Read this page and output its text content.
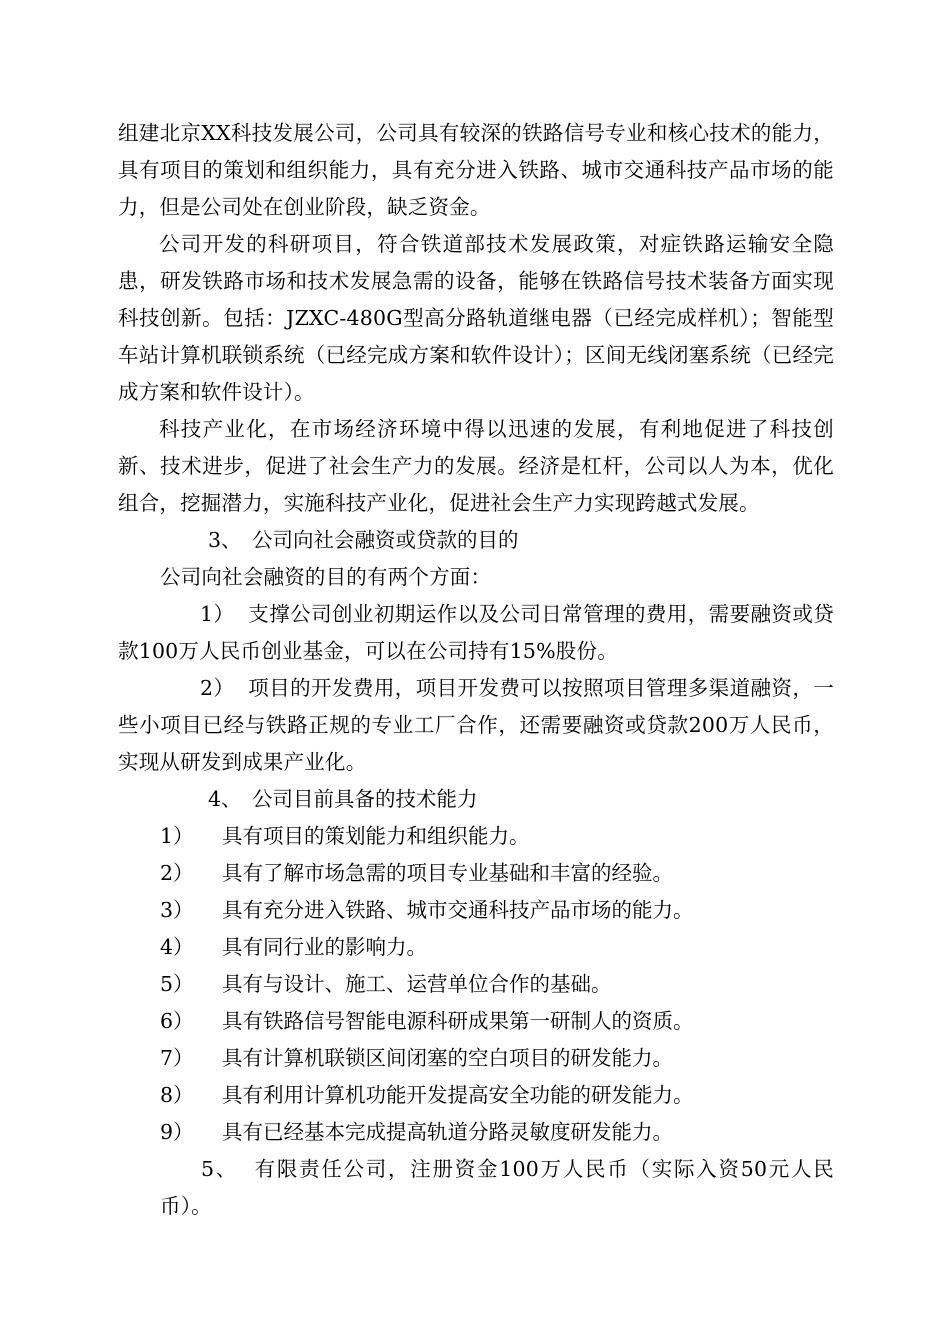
组建北京XX科技发展公司，公司具有较深的铁路信号专业和核心技术的能力，具有项目的策划和组织能力，具有充分进入铁路、城市交通科技产品市场的能力，但是公司处在创业阶段，缺乏资金。
公司开发的科研项目，符合铁道部技术发展政策，对症铁路运输安全隐患，研发铁路市场和技术发展急需的设备，能够在铁路信号技术装备方面实现科技创新。包括：JZXC-480G型高分路轨道继电器（已经完成样机）；智能型车站计算机联锁系统（已经完成方案和软件设计）；区间无线闭塞系统（已经完成方案和软件设计）。
科技产业化，在市场经济环境中得以迅速的发展，有利地促进了科技创新、技术进步，促进了社会生产力的发展。经济是杠杆，公司以人为本，优化组合，挖掘潜力，实施科技产业化，促进社会生产力实现跨越式发展。
3、 公司向社会融资或贷款的目的
公司向社会融资的目的有两个方面：
1） 支撑公司创业初期运作以及公司日常管理的费用，需要融资或贷款100万人民币创业基金，可以在公司持有15%股份。
2） 项目的开发费用，项目开发费可以按照项目管理多渠道融资，一些小项目已经与铁路正规的专业工厂合作，还需要融资或贷款200万人民币，实现从研发到成果产业化。
4、 公司目前具备的技术能力
1） 具有项目的策划能力和组织能力。
2） 具有了解市场急需的项目专业基础和丰富的经验。
3） 具有充分进入铁路、城市交通科技产品市场的能力。
4） 具有同行业的影响力。
5） 具有与设计、施工、运营单位合作的基础。
6） 具有铁路信号智能电源科研成果第一研制人的资质。
7） 具有计算机联锁区间闭塞的空白项目的研发能力。
8） 具有利用计算机功能开发提高安全功能的研发能力。
9） 具有已经基本完成提高轨道分路灵敏度研发能力。
5、 有限责任公司，注册资金100万人民币（实际入资50元人民币）。
